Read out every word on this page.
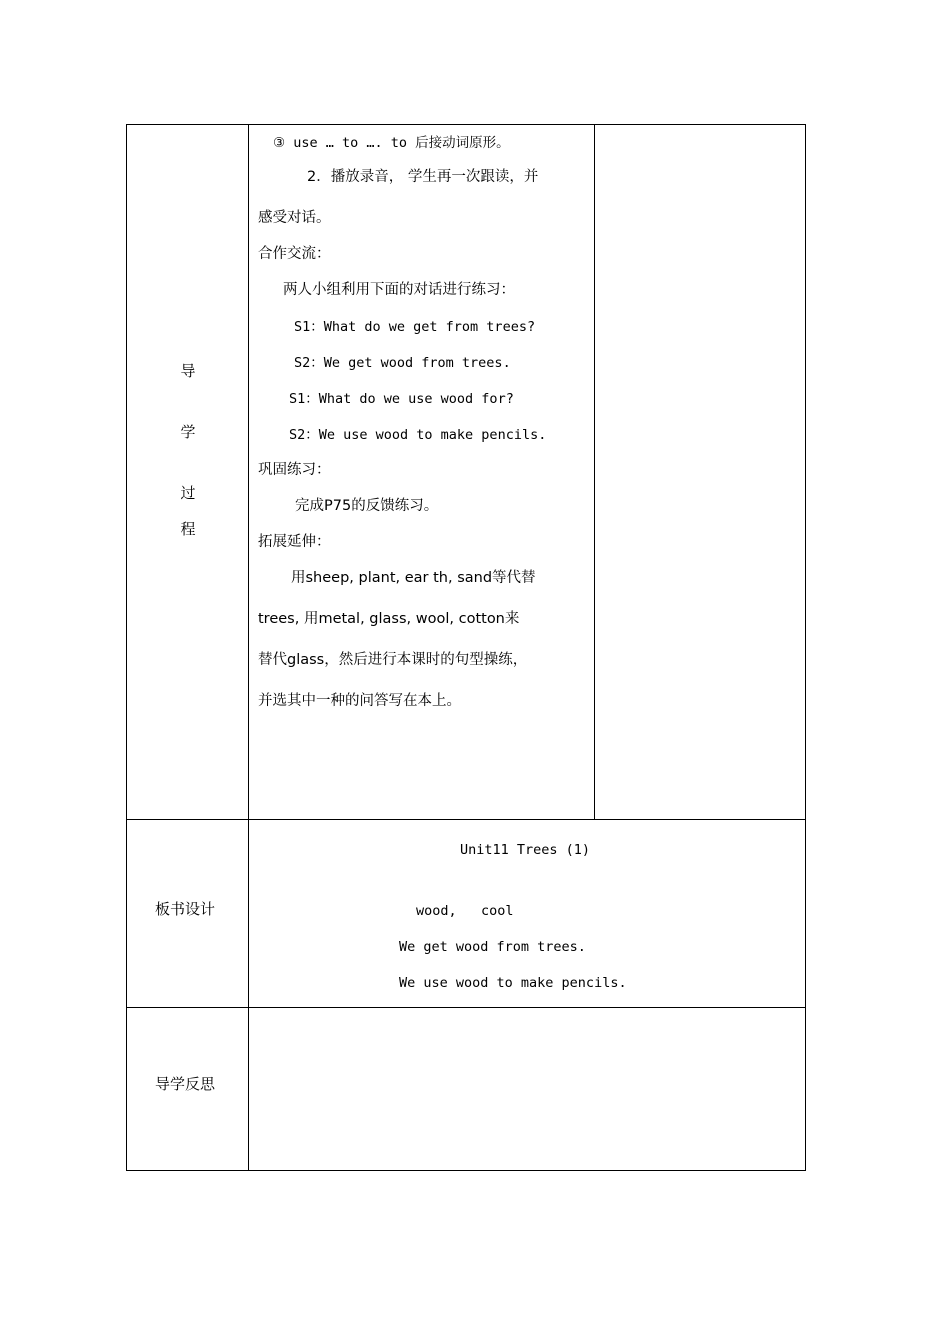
导
学
过
程
③ use … to …. to 后接动词原形。
2．播放录音， 学生再一次跟读，并
感受对话。
合作交流：
两人小组利用下面的对话进行练习：
S1：What do we get from trees?
S2：We get wood from trees.
S1：What do we use wood for?
S2：We use wood to make pencils.
巩固练习：
完成P75的反馈练习。
拓展延伸：
用sheep, plant, ear th, sand等代替
trees, 用metal, glass, wool, cotton来
替代glass，然后进行本课时的句型操练，
并选其中一种的问答写在本上。
板书设计
Unit11 Trees (1)
wood,   cool
We get wood from trees.
We use wood to make pencils.
导学反思
